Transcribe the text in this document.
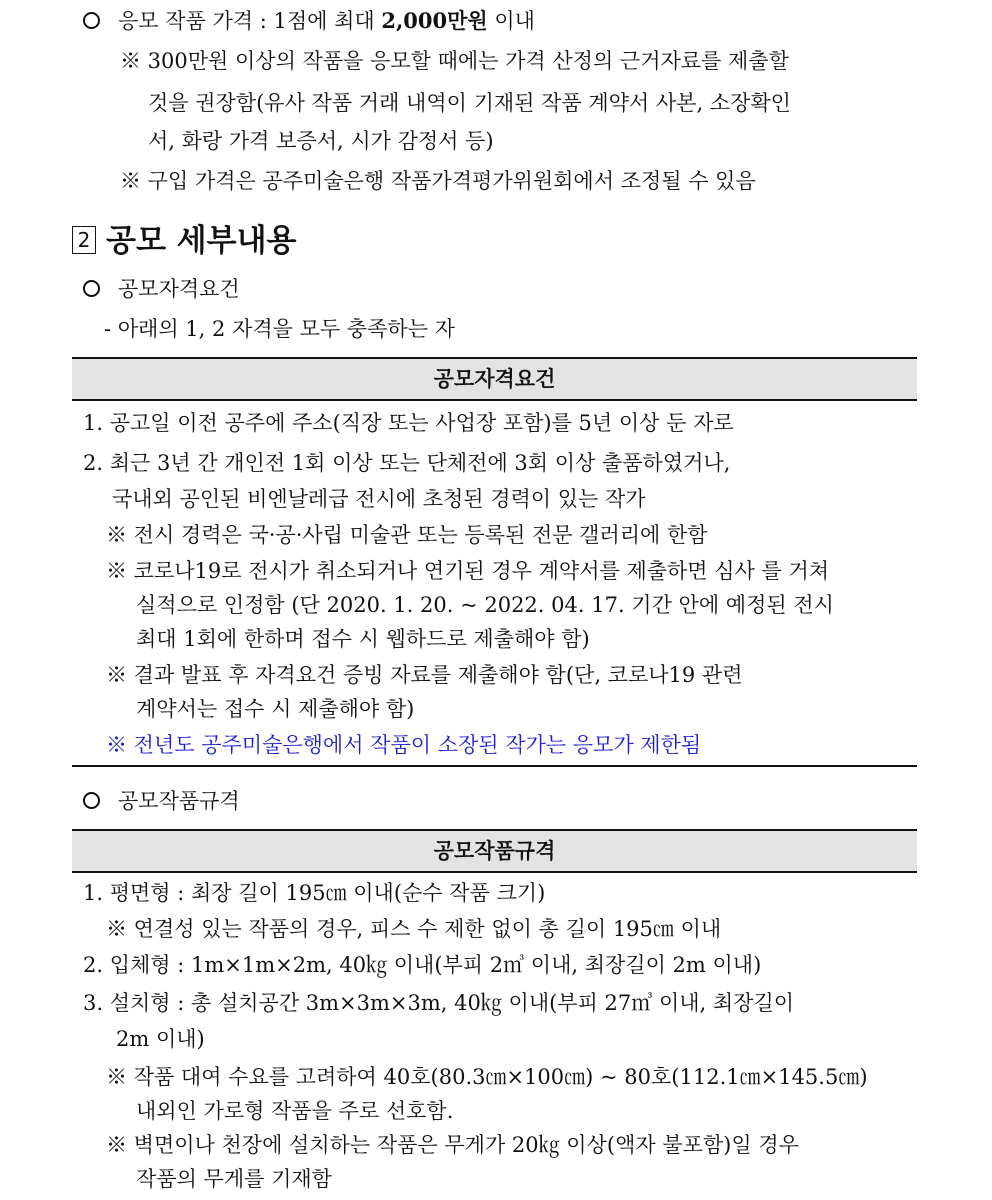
응모 작품 가격 : 1점에 최대 2,000만원 이내
※ 300만원 이상의 작품을 응모할 때에는 가격 산정의 근거자료를 제출할
것을 권장함(유사 작품 거래 내역이 기재된 작품 계약서 사본, 소장확인
서, 화랑 가격 보증서, 시가 감정서 등)
※ 구입 가격은 공주미술은행 작품가격평가위원회에서 조정될 수 있음
2 공모 세부내용
공모자격요건
- 아래의 1, 2 자격을 모두 충족하는 자
공모자격요건
1. 공고일 이전 공주에 주소(직장 또는 사업장 포함)를 5년 이상 둔 자로
2. 최근 3년 간 개인전 1회 이상 또는 단체전에 3회 이상 출품하였거나,
국내외 공인된 비엔날레급 전시에 초청된 경력이 있는 작가
※ 전시 경력은 국·공·사립 미술관 또는 등록된 전문 갤러리에 한함
※ 코로나19로 전시가 취소되거나 연기된 경우 계약서를 제출하면 심사 를 거쳐
실적으로 인정함 (단 2020. 1. 20. ~ 2022. 04. 17. 기간 안에 예정된 전시
최대 1회에 한하며 접수 시 웹하드로 제출해야 함)
※ 결과 발표 후 자격요건 증빙 자료를 제출해야 함(단, 코로나19 관련
계약서는 접수 시 제출해야 함)
※ 전년도 공주미술은행에서 작품이 소장된 작가는 응모가 제한됨
공모작품규격
공모작품규격
1. 평면형 : 최장 길이 195㎝ 이내(순수 작품 크기)
※ 연결성 있는 작품의 경우, 피스 수 제한 없이 총 길이 195㎝ 이내
2. 입체형 : 1m×1m×2m, 40㎏ 이내(부피 2㎥ 이내, 최장길이 2m 이내)
3. 설치형 : 총 설치공간 3m×3m×3m, 40㎏ 이내(부피 27㎥ 이내, 최장길이
2m 이내)
※ 작품 대여 수요를 고려하여 40호(80.3㎝×100㎝) ~ 80호(112.1㎝×145.5㎝)
내외인 가로형 작품을 주로 선호함.
※ 벽면이나 천장에 설치하는 작품은 무게가 20㎏ 이상(액자 불포함)일 경우
작품의 무게를 기재함
